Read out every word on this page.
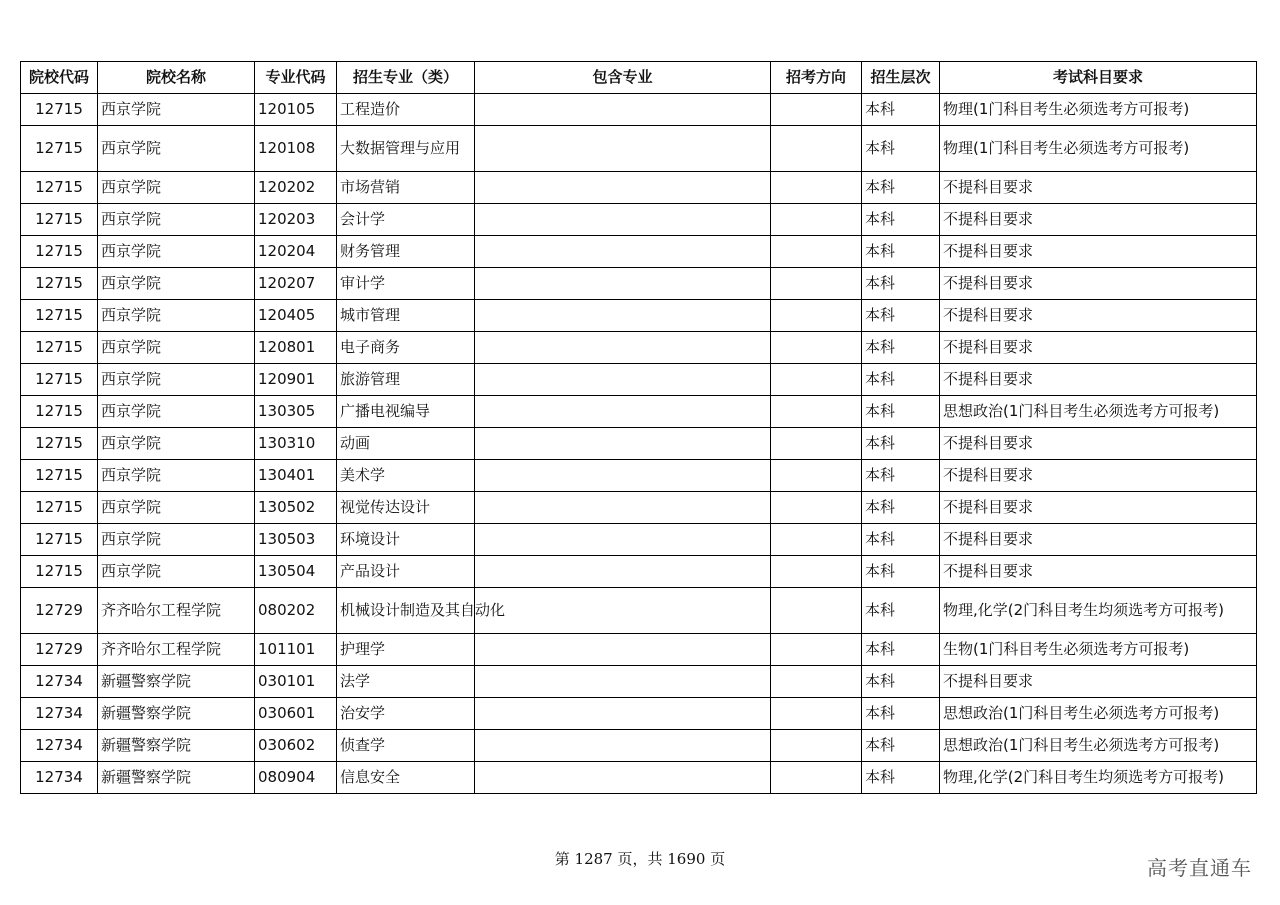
院校代码	院校名称	专业代码	招生专业（类）	包含专业	招考方向	招生层次	考试科目要求
12715	西京学院	120105	工程造价			本科	物理(1门科目考生必须选考方可报考)
12715	西京学院	120108	大数据管理与应用			本科	物理(1门科目考生必须选考方可报考)
12715	西京学院	120202	市场营销			本科	不提科目要求
12715	西京学院	120203	会计学			本科	不提科目要求
12715	西京学院	120204	财务管理			本科	不提科目要求
12715	西京学院	120207	审计学			本科	不提科目要求
12715	西京学院	120405	城市管理			本科	不提科目要求
12715	西京学院	120801	电子商务			本科	不提科目要求
12715	西京学院	120901	旅游管理			本科	不提科目要求
12715	西京学院	130305	广播电视编导			本科	思想政治(1门科目考生必须选考方可报考)
12715	西京学院	130310	动画			本科	不提科目要求
12715	西京学院	130401	美术学			本科	不提科目要求
12715	西京学院	130502	视觉传达设计			本科	不提科目要求
12715	西京学院	130503	环境设计			本科	不提科目要求
12715	西京学院	130504	产品设计			本科	不提科目要求
12729	齐齐哈尔工程学院	080202	机械设计制造及其自动化			本科	物理,化学(2门科目考生均须选考方可报考)
12729	齐齐哈尔工程学院	101101	护理学			本科	生物(1门科目考生必须选考方可报考)
12734	新疆警察学院	030101	法学			本科	不提科目要求
12734	新疆警察学院	030601	治安学			本科	思想政治(1门科目考生必须选考方可报考)
12734	新疆警察学院	030602	侦查学			本科	思想政治(1门科目考生必须选考方可报考)
12734	新疆警察学院	080904	信息安全			本科	物理,化学(2门科目考生均须选考方可报考)
第 1287 页，共 1690 页	高考直通车
